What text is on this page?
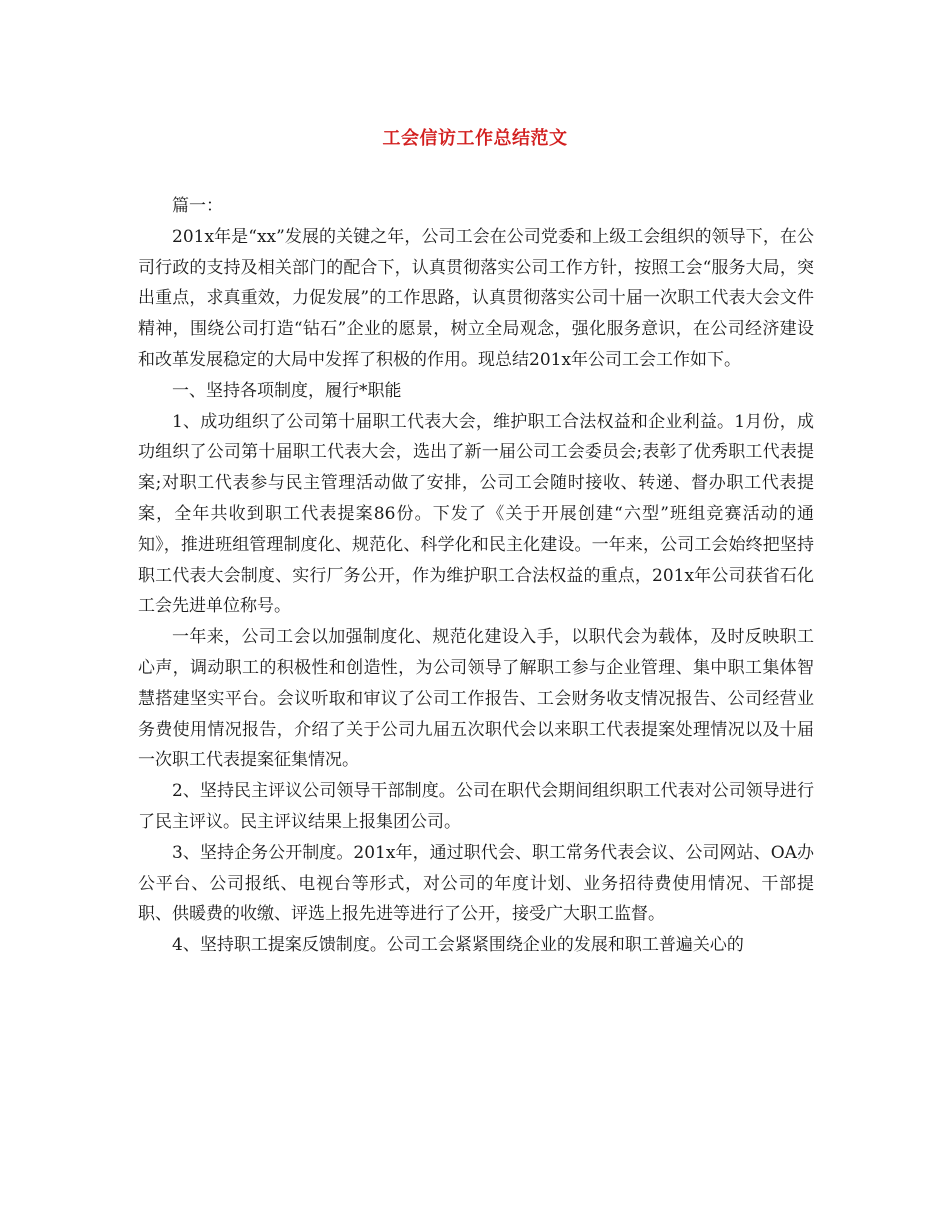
工会信访工作总结范文

篇一：

201x年是“xx”发展的关键之年，公司工会在公司党委和上级工会组织的领导下，在公司行政的支持及相关部门的配合下，认真贯彻落实公司工作方针，按照工会“服务大局，突出重点，求真重效，力促发展”的工作思路，认真贯彻落实公司十届一次职工代表大会文件精神，围绕公司打造“钻石”企业的愿景，树立全局观念，强化服务意识，在公司经济建设和改革发展稳定的大局中发挥了积极的作用。现总结201x年公司工会工作如下。

一、坚持各项制度，履行*职能

1、成功组织了公司第十届职工代表大会，维护职工合法权益和企业利益。1月份，成功组织了公司第十届职工代表大会，选出了新一届公司工会委员会;表彰了优秀职工代表提案;对职工代表参与民主管理活动做了安排，公司工会随时接收、转递、督办职工代表提案，全年共收到职工代表提案86份。下发了《关于开展创建“六型”班组竞赛活动的通知》，推进班组管理制度化、规范化、科学化和民主化建设。一年来，公司工会始终把坚持职工代表大会制度、实行厂务公开，作为维护职工合法权益的重点，201x年公司获省石化工会先进单位称号。

一年来，公司工会以加强制度化、规范化建设入手，以职代会为载体，及时反映职工心声，调动职工的积极性和创造性，为公司领导了解职工参与企业管理、集中职工集体智慧搭建坚实平台。会议听取和审议了公司工作报告、工会财务收支情况报告、公司经营业务费使用情况报告，介绍了关于公司九届五次职代会以来职工代表提案处理情况以及十届一次职工代表提案征集情况。

2、坚持民主评议公司领导干部制度。公司在职代会期间组织职工代表对公司领导进行了民主评议。民主评议结果上报集团公司。

3、坚持企务公开制度。201x年，通过职代会、职工常务代表会议、公司网站、OA办公平台、公司报纸、电视台等形式，对公司的年度计划、业务招待费使用情况、干部提职、供暖费的收缴、评选上报先进等进行了公开，接受广大职工监督。

4、坚持职工提案反馈制度。公司工会紧紧围绕企业的发展和职工普遍关心的
